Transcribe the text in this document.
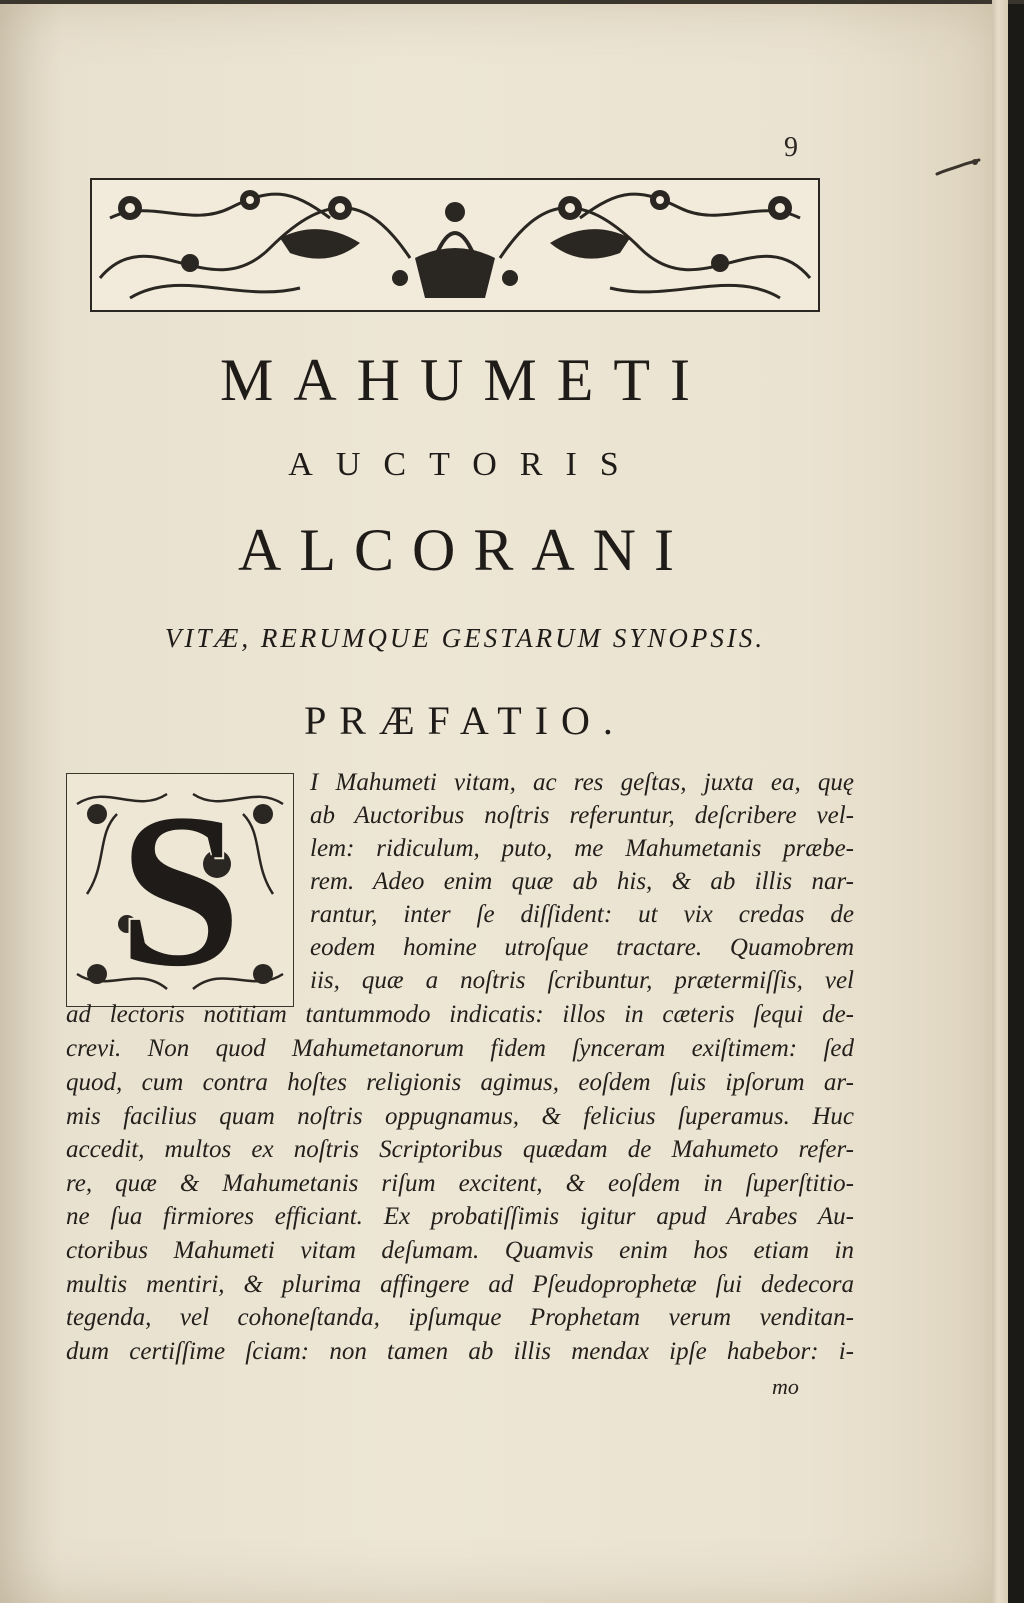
9
MAHUMETI
AUCTORIS
ALCORANI
VITÆ, RERUMQUE GESTARUM SYNOPSIS.
PRÆFATIO.
S	I Mahumeti vitam, ac res geſtas, juxta ea, quę
ab Auctoribus noſtris referuntur, deſcribere vel-
lem: ridiculum, puto, me Mahumetanis præbe-
rem. Adeo enim quæ ab his, & ab illis nar-
rantur, inter ſe diſſident: ut vix credas de
eodem homine utroſque tractare. Quamobrem
iis, quæ a noſtris ſcribuntur, prætermiſſis, vel
ad lectoris notitiam tantummodo indicatis: illos in cæteris ſequi de-
crevi. Non quod Mahumetanorum fidem ſynceram exiſtimem: ſed
quod, cum contra hoſtes religionis agimus, eoſdem ſuis ipſorum ar-
mis facilius quam noſtris oppugnamus, & felicius ſuperamus. Huc
accedit, multos ex noſtris Scriptoribus quædam de Mahumeto refer-
re, quæ & Mahumetanis riſum excitent, & eoſdem in ſuperſtitio-
ne ſua firmiores efficiant. Ex probatiſſimis igitur apud Arabes Au-
ctoribus Mahumeti vitam deſumam. Quamvis enim hos etiam in
multis mentiri, & plurima affingere ad Pſeudoprophetæ ſui dedecora
tegenda, vel cohoneſtanda, ipſumque Prophetam verum venditan-
dum certiſſime ſciam: non tamen ab illis mendax ipſe habebor: i-
mo
